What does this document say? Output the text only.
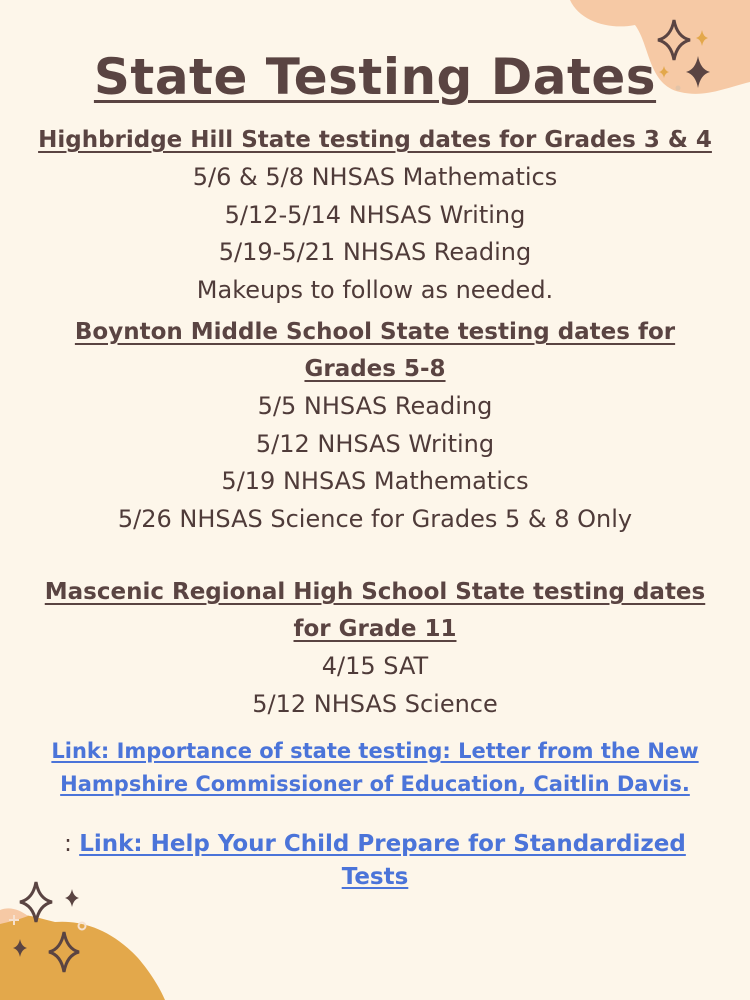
State Testing Dates
Highbridge Hill State testing dates for Grades 3 & 4
5/6 & 5/8 NHSAS Mathematics
5/12-5/14 NHSAS Writing
5/19-5/21 NHSAS Reading
Makeups to follow as needed.
Boynton Middle School State testing dates for
Grades 5-8
5/5 NHSAS Reading
5/12 NHSAS Writing
5/19 NHSAS Mathematics
5/26 NHSAS Science for Grades 5 & 8 Only
Mascenic Regional High School State testing dates
for Grade 11
4/15 SAT
5/12 NHSAS Science
Link: Importance of state testing: Letter from the New
Hampshire Commissioner of Education, Caitlin Davis.
: Link: Help Your Child Prepare for Standardized Tests
